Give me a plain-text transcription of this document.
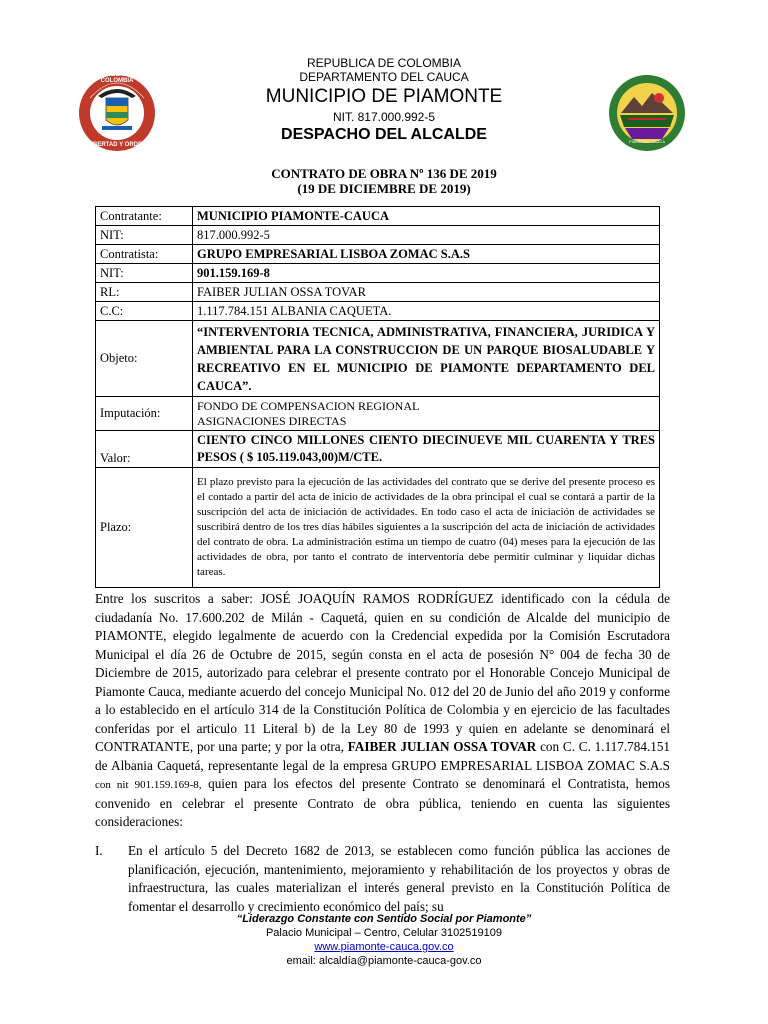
REPUBLICA DE COLOMBIA
LIBERTAD Y ORDEN
PIAMONTE CAUCA
REPUBLICA DE COLOMBIA
DEPARTAMENTO DEL CAUCA
MUNICIPIO DE PIAMONTE
NIT. 817.000.992-5
DESPACHO DEL ALCALDE
CONTRATO DE OBRA Nº 136 DE 2019
(19 DE DICIEMBRE DE 2019)
Contratante:	MUNICIPIO PIAMONTE-CAUCA
NIT:	817.000.992-5
Contratista:	GRUPO EMPRESARIAL LISBOA ZOMAC S.A.S
NIT:	901.159.169-8
RL:	FAIBER JULIAN OSSA TOVAR
C.C:	1.117.784.151 ALBANIA CAQUETA.
Objeto:	“INTERVENTORIA TECNICA, ADMINISTRATIVA, FINANCIERA, JURIDICA Y AMBIENTAL PARA LA CONSTRUCCION DE UN PARQUE BIOSALUDABLE Y RECREATIVO EN EL MUNICIPIO DE PIAMONTE DEPARTAMENTO DEL CAUCA”.
Imputación:	FONDO DE COMPENSACION REGIONAL
ASIGNACIONES DIRECTAS

Valor:	CIENTO CINCO MILLONES CIENTO DIECINUEVE MIL CUARENTA Y TRES PESOS ( $ 105.119.043,00)M/CTE.
Plazo:	El plazo previsto para la ejecución de las actividades del contrato que se derive del presente proceso es el contado a partir del acta de inicio de actividades de la obra principal el cual se contará a partir de la suscripción del acta de iniciación de actividades. En todo caso el acta de iniciación de actividades se suscribirá dentro de los tres días hábiles siguientes a la suscripción del acta de iniciación de actividades del contrato de obra. La administración estima un tiempo de cuatro (04) meses para la ejecución de las actividades de obra, por tanto el contrato de interventoría debe permitir culminar y liquidar dichas tareas.

Entre los suscritos a saber: JOSÉ JOAQUÍN RAMOS RODRÍGUEZ identificado con la cédula de ciudadanía No. 17.600.202 de Milán - Caquetá, quien en su condición de Alcalde del municipio de PIAMONTE, elegido legalmente de acuerdo con la Credencial expedida por la Comisión Escrutadora Municipal el día 26 de Octubre de 2015, según consta en el acta de posesión N° 004 de fecha 30 de Diciembre de 2015, autorizado para celebrar el presente contrato por el Honorable Concejo Municipal de Piamonte Cauca, mediante acuerdo del concejo Municipal No. 012 del 20 de Junio del año 2019 y conforme a lo establecido en el artículo 314 de la Constitución Política de Colombia y en ejercicio de las facultades conferidas por el articulo 11 Literal b) de la Ley 80 de 1993 y quien en adelante se denominará el CONTRATANTE, por una parte; y por la otra, FAIBER JULIAN OSSA TOVAR con C. C. 1.117.784.151 de Albania Caquetá, representante legal de la empresa GRUPO EMPRESARIAL LISBOA ZOMAC S.A.S con nit 901.159.169-8, quien para los efectos del presente Contrato se denominará el Contratista, hemos convenido en celebrar el presente Contrato de obra pública, teniendo en cuenta las siguientes consideraciones:

I. En el artículo 5 del Decreto 1682 de 2013, se establecen como función pública las acciones de planificación, ejecución, mantenimiento, mejoramiento y rehabilitación de los proyectos y obras de infraestructura, las cuales materializan el interés general previsto en la Constitución Política de fomentar el desarrollo y crecimiento económico del país; su
“Liderazgo Constante con Sentido Social por Piamonte”
Palacio Municipal – Centro, Celular 3102519109
www.piamonte-cauca.gov.co
email: alcaldía@piamonte-cauca-gov.co
